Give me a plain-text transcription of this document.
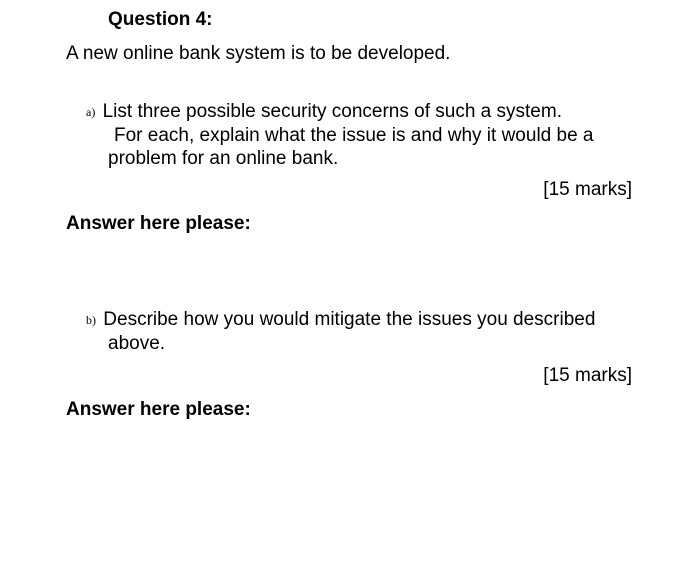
Question 4:
A new online bank system is to be developed.
a) List three possible security concerns of such a system.
For each, explain what the issue is and why it would be a
problem for an online bank.
[15 marks]
Answer here please:
b) Describe how you would mitigate the issues you described
above.
[15 marks]
Answer here please:
